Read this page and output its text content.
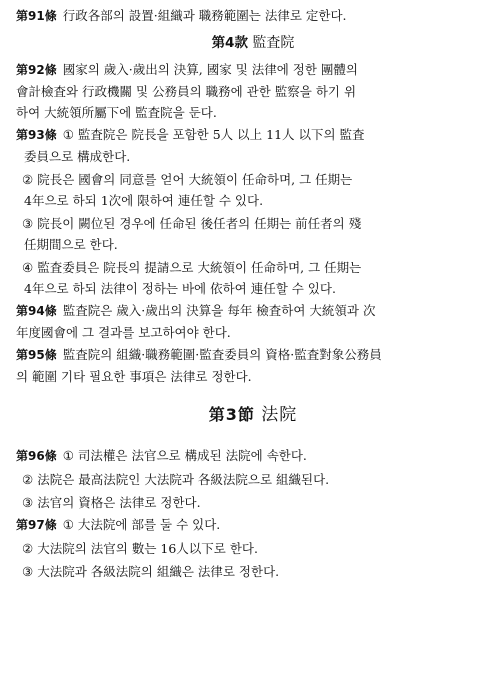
第91條 行政各部의 設置·組織과 職務範圍는 法律로 定한다.

第4款 監査院

第92條 國家의 歲入·歲出의 決算, 國家 및 法律에 정한 團體의

會計檢査와 行政機關 및 公務員의 職務에 관한 監察을 하기 위

하여 大統領所屬下에 監査院을 둔다.

第93條 ① 監査院은 院長을 포함한 5人 以上 11人 以下의 監査

委員으로 構成한다.

② 院長은 國會의 同意를 얻어 大統領이 任命하며, 그 任期는

4年으로 하되 1次에 限하여 連任할 수 있다.

③ 院長이 闕位된 경우에 任命된 後任者의 任期는 前任者의 殘

任期間으로 한다.

④ 監査委員은 院長의 提請으로 大統領이 任命하며, 그 任期는

4年으로 하되 法律이 정하는 바에 依하여 連任할 수 있다.

第94條 監査院은 歲入·歲出의 決算을 每年 檢査하여 大統領과 次

年度國會에 그 결과를 보고하여야 한다.

第95條 監査院의 組織·職務範圍·監査委員의 資格·監査對象公務員

의 範圍 기타 필요한 事項은 法律로 정한다.

第3節 法院

第96條 ① 司法權은 法官으로 構成된 法院에 속한다.

② 法院은 最高法院인 大法院과 各級法院으로 組織된다.

③ 法官의 資格은 法律로 정한다.

第97條 ① 大法院에 部를 둘 수 있다.

② 大法院의 法官의 數는 16人以下로 한다.

③ 大法院과 各級法院의 組織은 法律로 정한다.
